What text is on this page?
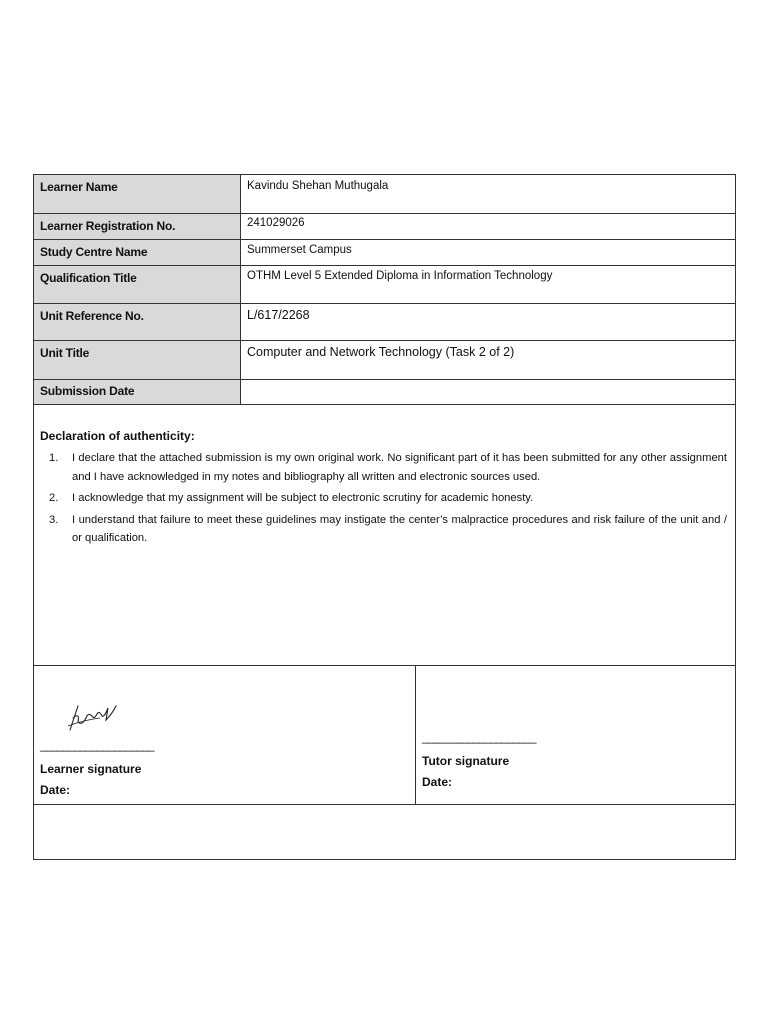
Learner Name	Kavindu Shehan Muthugala
Learner Registration No.	241029026
Study Centre Name	Summerset Campus
Qualification Title	OTHM Level 5 Extended Diploma in Information Technology
Unit Reference No.	L/617/2268
Unit Title	Computer and Network Technology (Task 2 of 2)
Submission Date
Declaration of authenticity:
1. I declare that the attached submission is my own original work. No significant part of it has been submitted for any other assignment and I have acknowledged in my notes and bibliography all written and electronic sources used.
2. I acknowledge that my assignment will be subject to electronic scrutiny for academic honesty.
3. I understand that failure to meet these guidelines may instigate the center’s malpractice procedures and risk failure of the unit and / or qualification.
____________________
Learner signature
Date:
____________________
Tutor signature
Date:
